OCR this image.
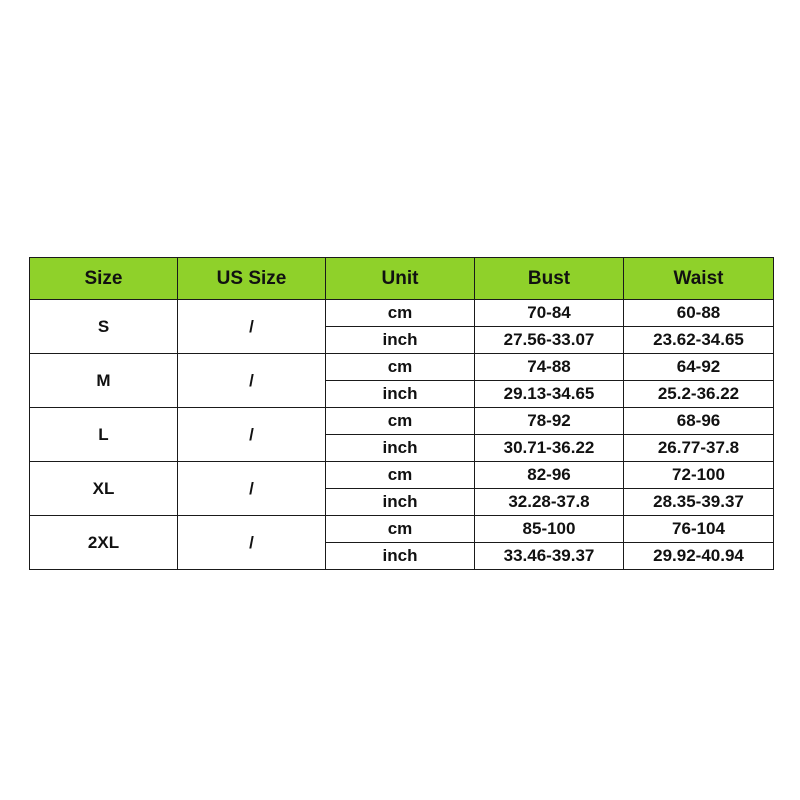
Size	US Size	Unit	Bust	Waist
S	/	cm	70-84	60-88
		inch	27.56-33.07	23.62-34.65
M	/	cm	74-88	64-92
		inch	29.13-34.65	25.2-36.22
L	/	cm	78-92	68-96
		inch	30.71-36.22	26.77-37.8
XL	/	cm	82-96	72-100
		inch	32.28-37.8	28.35-39.37
2XL	/	cm	85-100	76-104
		inch	33.46-39.37	29.92-40.94
